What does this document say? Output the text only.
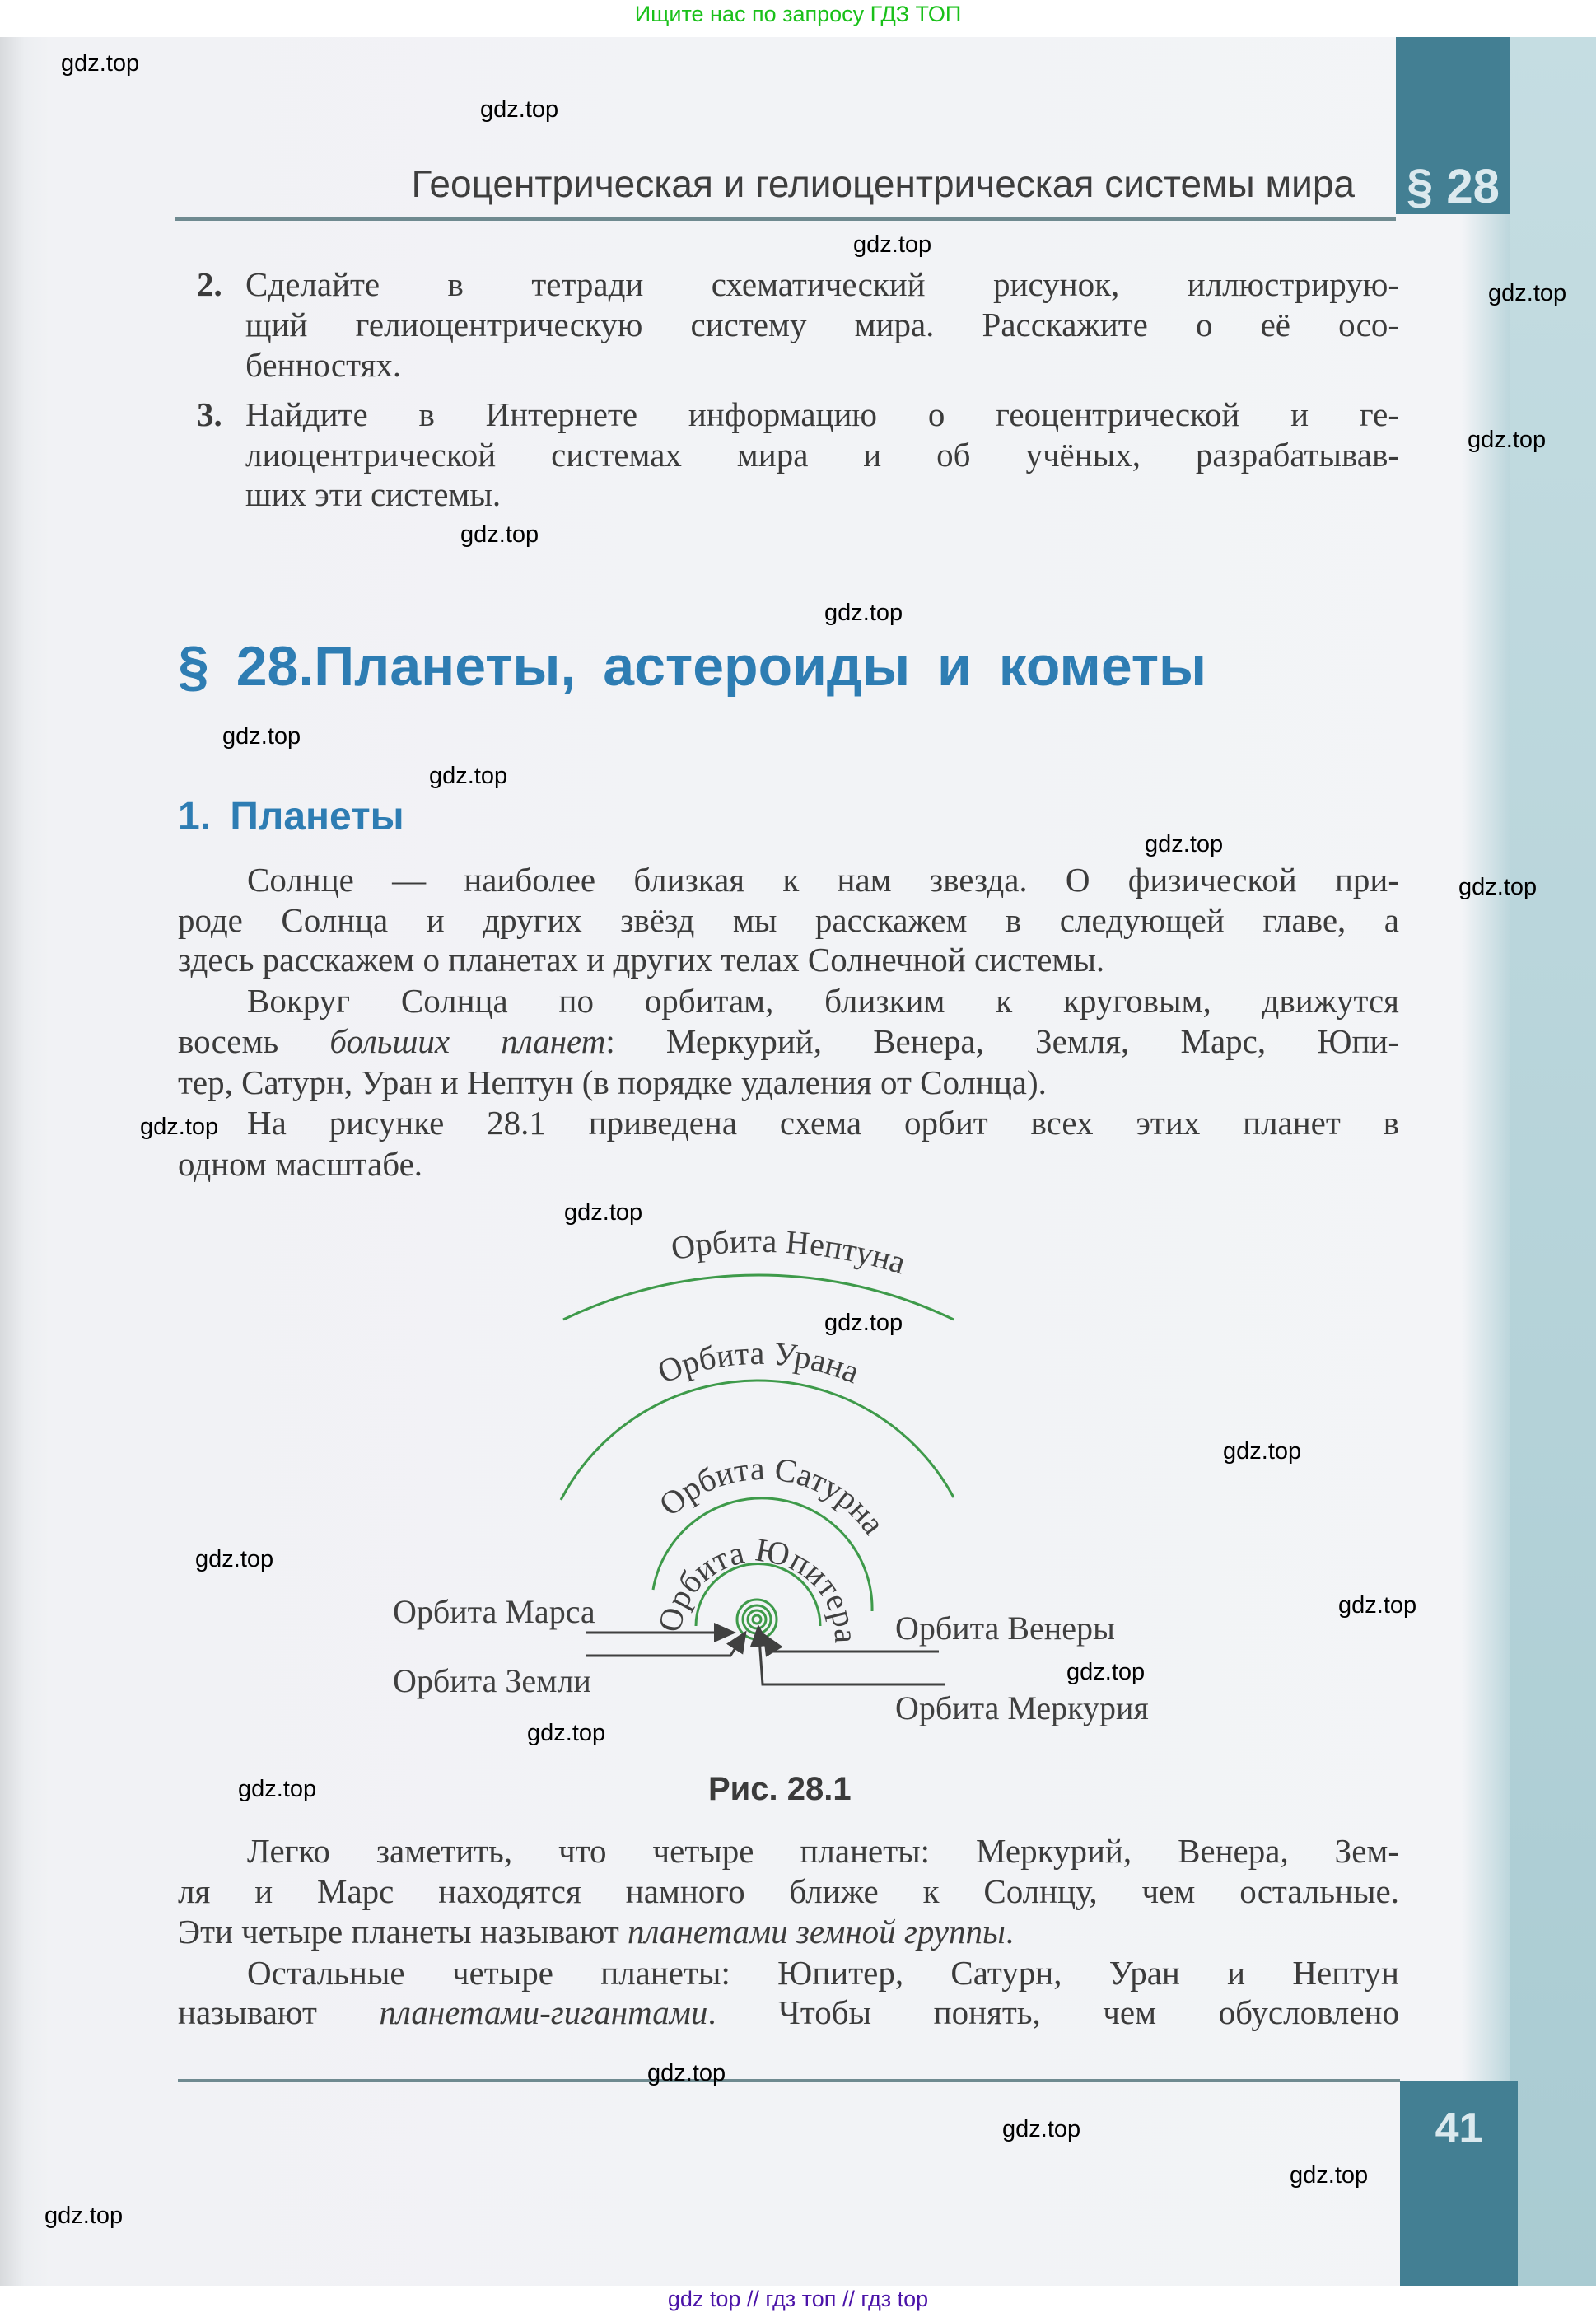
Ищите нас по запросу ГДЗ ТОП
§ 28
Геоцентрическая и гелиоцентрическая системы мира
2. Сделайте в тетради схематический рисунок, иллюстрирую-
щий гелиоцентрическую систему мира. Расскажите о её осо-
бенностях.
3. Найдите в Интернете информацию о геоцентрической и ге-
лиоцентрической системах мира и об учёных, разрабатывав-
ших эти системы.
§ 28.Планеты, астероиды и кометы
1. Планеты
Солнце — наиболее близкая к нам звезда. О физической при-
роде Солнца и других звёзд мы расскажем в следующей главе, а
здесь расскажем о планетах и других телах Солнечной системы.
Вокруг Солнца по орбитам, близким к круговым, движутся
восемь больших планет: Меркурий, Венера, Земля, Марс, Юпи-
тер, Сатурн, Уран и Нептун (в порядке удаления от Солнца).
На рисунке 28.1 приведена схема орбит всех этих планет в
одном масштабе.
Орбита Нептуна
Орбита Урана
Орбита Сатурна
Орбита Юпитера
Орбита Марса
Орбита Земли
Орбита Венеры
Орбита Меркурия
Рис. 28.1
Легко заметить, что четыре планеты: Меркурий, Венера, Зем-
ля и Марс находятся намного ближе к Солнцу, чем остальные.
Эти четыре планеты называют планетами земной группы.
Остальные четыре планеты: Юпитер, Сатурн, Уран и Нептун
называют планетами-гигантами. Чтобы понять, чем обусловлено
41
gdz.top
gdz.top
gdz.top
gdz.top
gdz.top
gdz.top
gdz.top
gdz.top
gdz.top
gdz.top
gdz.top
gdz.top
gdz.top
gdz.top
gdz.top
gdz.top
gdz.top
gdz.top
gdz.top
gdz.top
gdz.top
gdz.top
gdz.top
gdz.top
gdz top // гдз топ // гдз top
